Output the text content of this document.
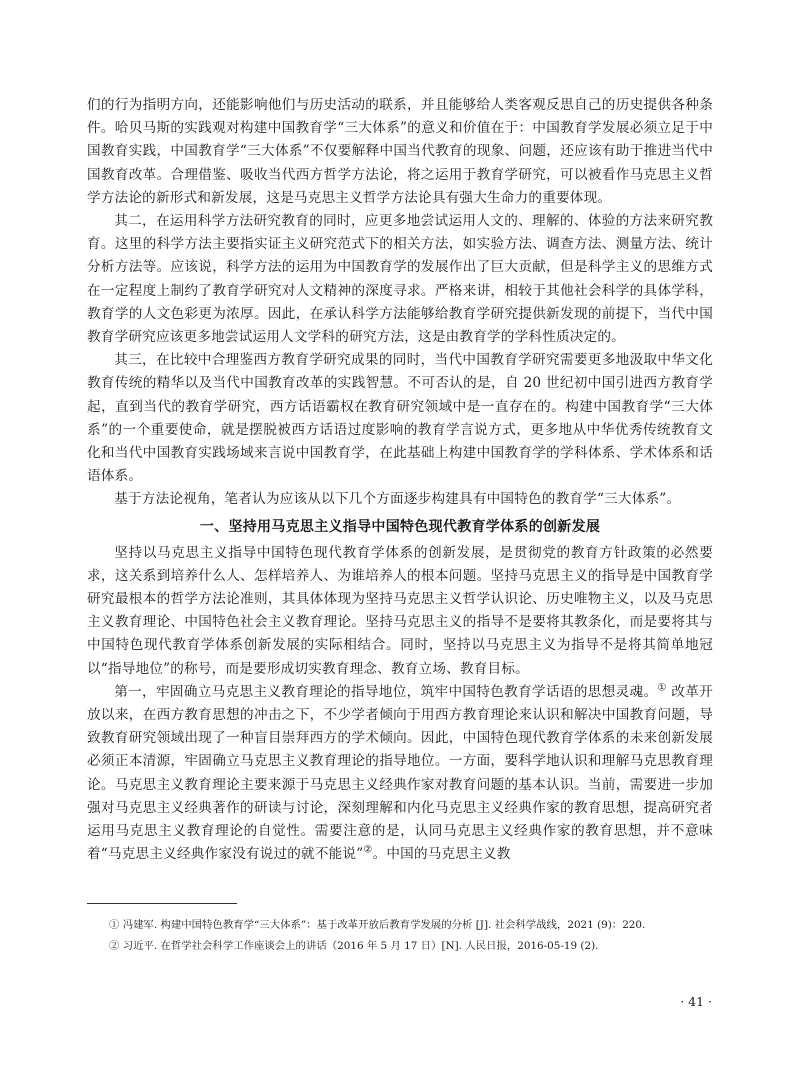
们的行为指明方向，还能影响他们与历史活动的联系，并且能够给人类客观反思自己的历史提供各种条件。哈贝马斯的实践观对构建中国教育学“三大体系”的意义和价值在于：中国教育学发展必须立足于中国教育实践，中国教育学“三大体系”不仅要解释中国当代教育的现象、问题，还应该有助于推进当代中国教育改革。合理借鉴、吸收当代西方哲学方法论，将之运用于教育学研究，可以被看作马克思主义哲学方法论的新形式和新发展，这是马克思主义哲学方法论具有强大生命力的重要体现。

其二，在运用科学方法研究教育的同时，应更多地尝试运用人文的、理解的、体验的方法来研究教育。这里的科学方法主要指实证主义研究范式下的相关方法，如实验方法、调查方法、测量方法、统计分析方法等。应该说，科学方法的运用为中国教育学的发展作出了巨大贡献，但是科学主义的思维方式在一定程度上制约了教育学研究对人文精神的深度寻求。严格来讲，相较于其他社会科学的具体学科，教育学的人文色彩更为浓厚。因此，在承认科学方法能够给教育学研究提供新发现的前提下，当代中国教育学研究应该更多地尝试运用人文学科的研究方法，这是由教育学的学科性质决定的。

其三，在比较中合理鉴西方教育学研究成果的同时，当代中国教育学研究需要更多地汲取中华文化教育传统的精华以及当代中国教育改革的实践智慧。不可否认的是，自 20 世纪初中国引进西方教育学起，直到当代的教育学研究，西方话语霸权在教育研究领域中是一直存在的。构建中国教育学“三大体系”的一个重要使命，就是摆脱被西方话语过度影响的教育学言说方式，更多地从中华优秀传统教育文化和当代中国教育实践场域来言说中国教育学，在此基础上构建中国教育学的学科体系、学术体系和话语体系。

基于方法论视角，笔者认为应该从以下几个方面逐步构建具有中国特色的教育学“三大体系”。

一、坚持用马克思主义指导中国特色现代教育学体系的创新发展

坚持以马克思主义指导中国特色现代教育学体系的创新发展，是贯彻党的教育方针政策的必然要求，这关系到培养什么人、怎样培养人、为谁培养人的根本问题。坚持马克思主义的指导是中国教育学研究最根本的哲学方法论准则，其具体体现为坚持马克思主义哲学认识论、历史唯物主义，以及马克思主义教育理论、中国特色社会主义教育理论。坚持马克思主义的指导不是要将其教条化，而是要将其与中国特色现代教育学体系创新发展的实际相结合。同时，坚持以马克思主义为指导不是将其简单地冠以“指导地位”的称号，而是要形成切实教育理念、教育立场、教育目标。

第一，牢固确立马克思主义教育理论的指导地位，筑牢中国特色教育学话语的思想灵魂。① 改革开放以来，在西方教育思想的冲击之下，不少学者倾向于用西方教育理论来认识和解决中国教育问题，导致教育研究领域出现了一种盲目崇拜西方的学术倾向。因此，中国特色现代教育学体系的未来创新发展必须正本清源，牢固确立马克思主义教育理论的指导地位。一方面，要科学地认识和理解马克思教育理论。马克思主义教育理论主要来源于马克思主义经典作家对教育问题的基本认识。当前，需要进一步加强对马克思主义经典著作的研读与讨论，深刻理解和内化马克思主义经典作家的教育思想，提高研究者运用马克思主义教育理论的自觉性。需要注意的是，认同马克思主义经典作家的教育思想，并不意味着“马克思主义经典作家没有说过的就不能说”②。中国的马克思主义教

① 冯建军. 构建中国特色教育学“三大体系”：基于改革开放后教育学发展的分析 [J]. 社会科学战线，2021 (9)：220.

② 习近平. 在哲学社会科学工作座谈会上的讲话（2016 年 5 月 17 日）[N]. 人民日报，2016-05-19 (2).

· 41 ·
